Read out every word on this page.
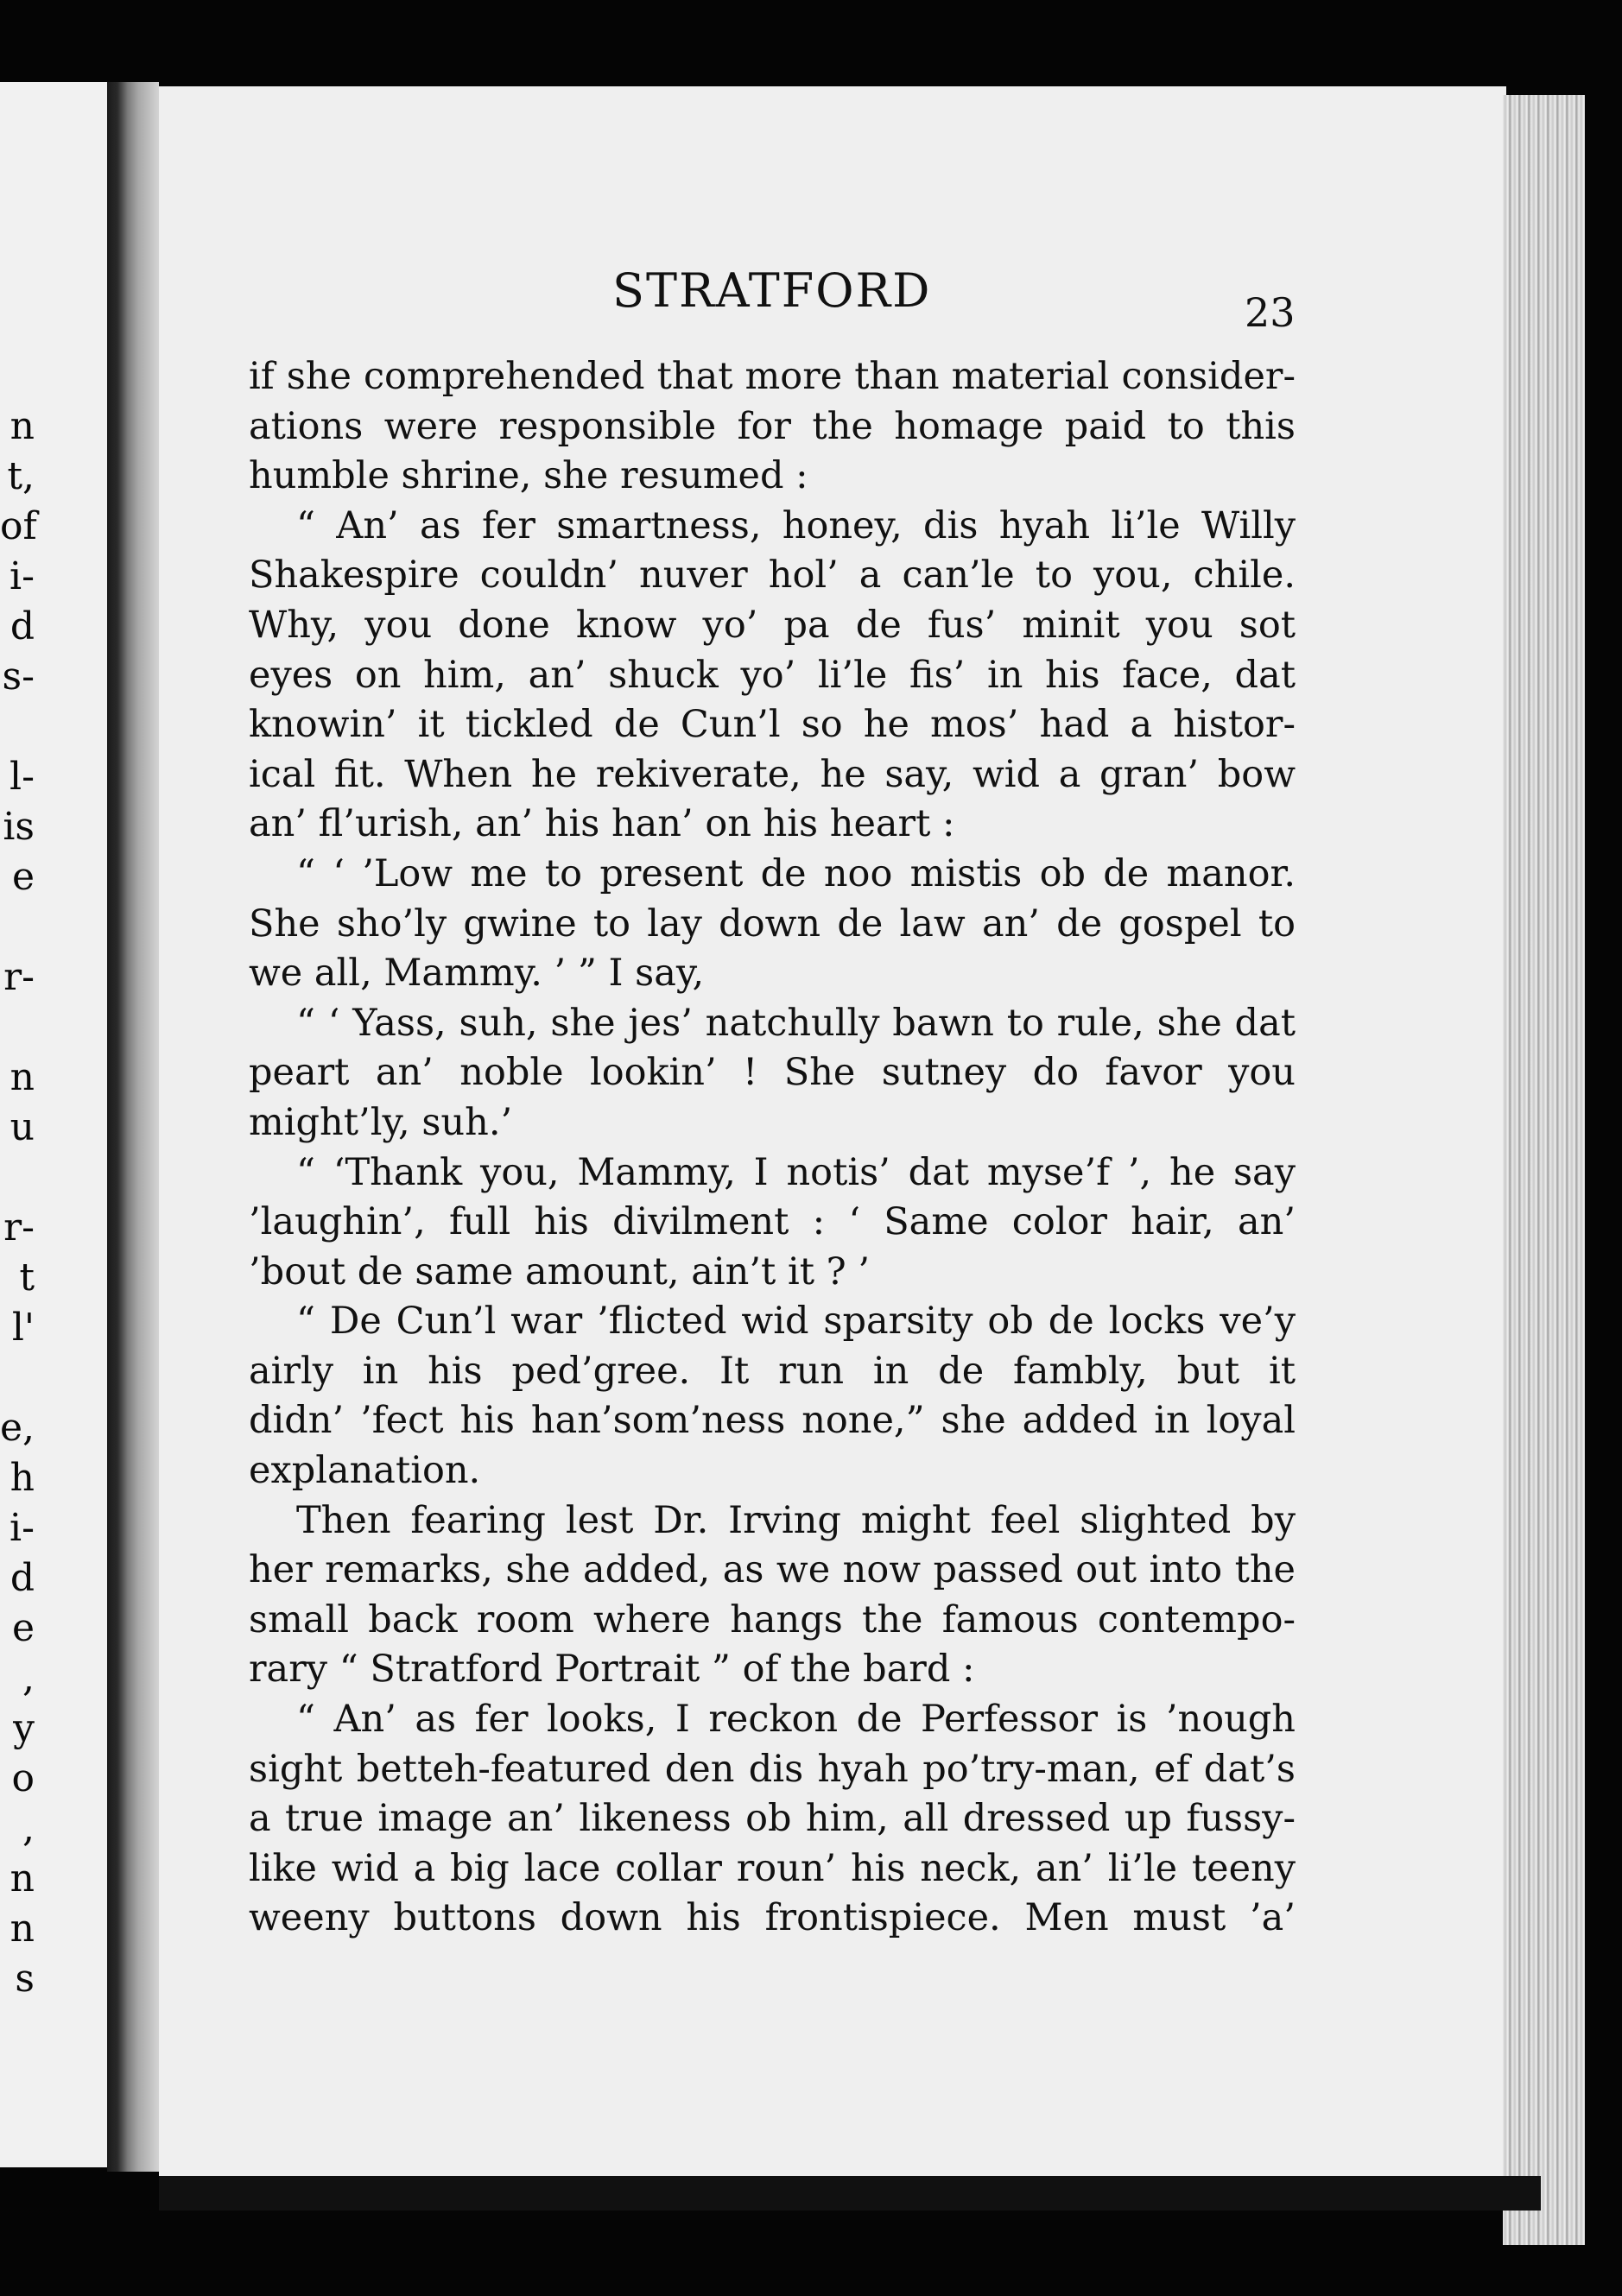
n
t,
of
i-
d
s-
l-
is
e
r-
n
u
r-
t
l'
e,
h
i-
d
e
,
y
o
,
n
n
s
STRATFORD	23
if she comprehended that more than material consider-
ations were responsible for the homage paid to this
humble shrine, she resumed :
“ An’ as fer smartness, honey, dis hyah li’le Willy
Shakespire couldn’ nuver hol’ a can’le to you, chile.
Why, you done know yo’ pa de fus’ minit you sot
eyes on him, an’ shuck yo’ li’le fis’ in his face, dat
knowin’ it tickled de Cun’l so he mos’ had a histor-
ical fit. When he rekiverate, he say, wid a gran’ bow
an’ fl’urish, an’ his han’ on his heart :
“ ‘ ’Low me to present de noo mistis ob de manor.
She sho’ly gwine to lay down de law an’ de gospel to
we all, Mammy. ’ ” I say,
“ ‘ Yass, suh, she jes’ natchully bawn to rule, she dat
peart an’ noble lookin’ ! She sutney do favor you
might’ly, suh.’
“ ‘Thank you, Mammy, I notis’ dat myse’f ’, he say
’laughin’, full his divilment : ‘ Same color hair, an’
’bout de same amount, ain’t it ? ’
“ De Cun’l war ’flicted wid sparsity ob de locks ve’y
airly in his ped’gree. It run in de fambly, but it
didn’ ’fect his han’som’ness none,” she added in loyal
explanation.
Then fearing lest Dr. Irving might feel slighted by
her remarks, she added, as we now passed out into the
small back room where hangs the famous contempo-
rary “ Stratford Portrait ” of the bard :
“ An’ as fer looks, I reckon de Perfessor is ’nough
sight betteh-featured den dis hyah po’try-man, ef dat’s
a true image an’ likeness ob him, all dressed up fussy-
like wid a big lace collar roun’ his neck, an’ li’le teeny
weeny buttons down his frontispiece. Men must ’a’
